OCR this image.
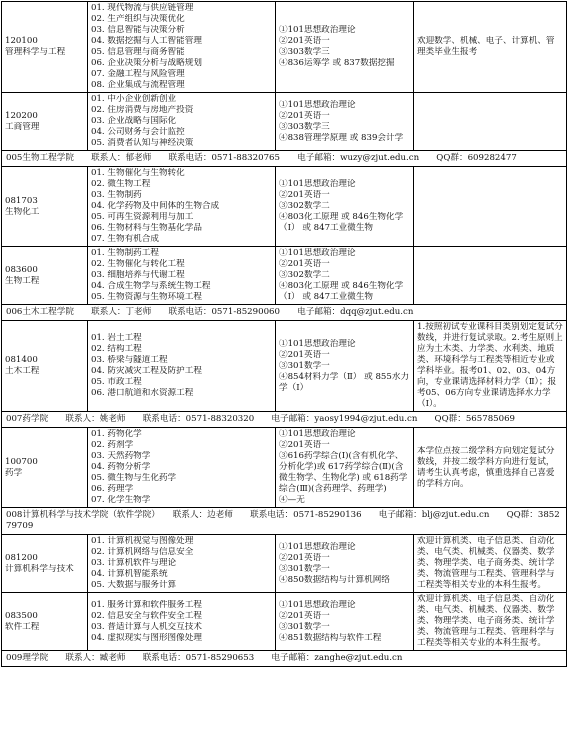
120100
管理科学与工程
01. 现代物流与供应链管理
02. 生产组织与决策优化
03. 信息智能与决策分析
04. 数据挖掘与人工智能管理
05. 信息管理与商务智能
06. 企业决策分析与战略规划
07. 金融工程与风险管理
08. 企业集成与流程管理
①101思想政治理论
②201英语一
③303数学三
④836运筹学 或 837数据挖掘
欢迎数学、机械、电子、计算机、管理类毕业生报考
120200
工商管理
01. 中小企业创新创业
02. 住房消费与房地产投资
03. 企业战略与国际化
04. 公司财务与会计监控
05. 消费者认知与神经决策
①101思想政治理论
②201英语一
③303数学三
④838管理学原理 或 839会计学
005生物工程学院　　联系人：郁老师　　联系电话：0571-88320765　　电子邮箱：wuzy@zjut.edu.cn　　QQ群：609282477
081703
生物化工
01. 生物催化与生物转化
02. 微生物工程
03. 生物制药
04. 化学药物及中间体的生物合成
05. 可再生资源利用与加工
06. 生物材料与生物基化学品
07. 生物有机合成
①101思想政治理论
②201英语一
③302数学二
④803化工原理 或 846生物化学（Ⅰ） 或 847工业微生物
083600
生物工程
01. 生物制药工程
02. 生物催化与转化工程
03. 细胞培养与代谢工程
04. 合成生物学与系统生物工程
05. 生物资源与生物环境工程
①101思想政治理论
②201英语一
③302数学二
④803化工原理 或 846生物化学（Ⅰ） 或 847工业微生物
006土木工程学院　　联系人：丁老师　　联系电话：0571-85290060　　电子邮箱：dqq@zjut.edu.cn
081400
土木工程
01. 岩土工程
02. 结构工程
03. 桥梁与隧道工程
04. 防灾减灾工程及防护工程
05. 市政工程
06. 港口航道和水资源工程
①101思想政治理论
②201英语一
③301数学一
④854材料力学（Ⅱ） 或 855水力学（Ⅰ）
1.按照初试专业课科目类别划定复试分数线，并进行复试录取。2.考生原则上应为土木类、力学类、水利类、地质类、环境科学与工程类等相近专业或学科毕业。报考01、02、03、04方向，专业课请选择材料力学（Ⅱ）；报考05、06方向专业课请选择水力学（Ⅰ）。
007药学院　　联系人：姚老师　　联系电话：0571-88320320　　电子邮箱：yaosy1994@zjut.edu.cn　　QQ群：565785069
100700
药学
01. 药物化学
02. 药剂学
03. 天然药物学
04. 药物分析学
05. 微生物与生化药学
06. 药理学
07. 化学生物学
①101思想政治理论
②201英语一
③616药学综合(Ⅰ)(含有机化学、分析化学)或 617药学综合(Ⅱ)(含微生物学、生物化学) 或 618药学综合(Ⅲ)(含药理学、药理学)
④—无
本学位点按二级学科方向划定复试分数线，并按二级学科方向进行复试，请考生认真考虑，慎重选择自己喜爱的学科方向。
008计算机科学与技术学院（软件学院）　　联系人：边老师　　联系电话：0571-85290136　　电子邮箱：blj@zjut.edu.cn　　QQ群：385279709
081200
计算机科学与技术
01. 计算机视觉与图像处理
02. 计算机网络与信息安全
03. 计算机软件与理论
04. 计算机智能系统
05. 大数据与服务计算
①101思想政治理论
②201英语一
③301数学一
④850数据结构与计算机网络
欢迎计算机类、电子信息类、自动化类、电气类、机械类、仪器类、数学类、物理学类、电子商务类、统计学类、物流管理与工程类、管理科学与工程类等相关专业的本科生报考。
083500
软件工程
01. 服务计算和软件服务工程
02. 信息安全与软件安全工程
03. 普适计算与人机交互技术
04. 虚拟现实与图形图像处理
①101思想政治理论
②201英语一
③301数学一
④851数据结构与软件工程
欢迎计算机类、电子信息类、自动化类、电气类、机械类、仪器类、数学类、物理学类、电子商务类、统计学类、物流管理与工程类、管理科学与工程类等相关专业的本科生报考。
009理学院　　联系人：臧老师　　联系电话：0571-85290653　　电子邮箱：zanghe@zjut.edu.cn
